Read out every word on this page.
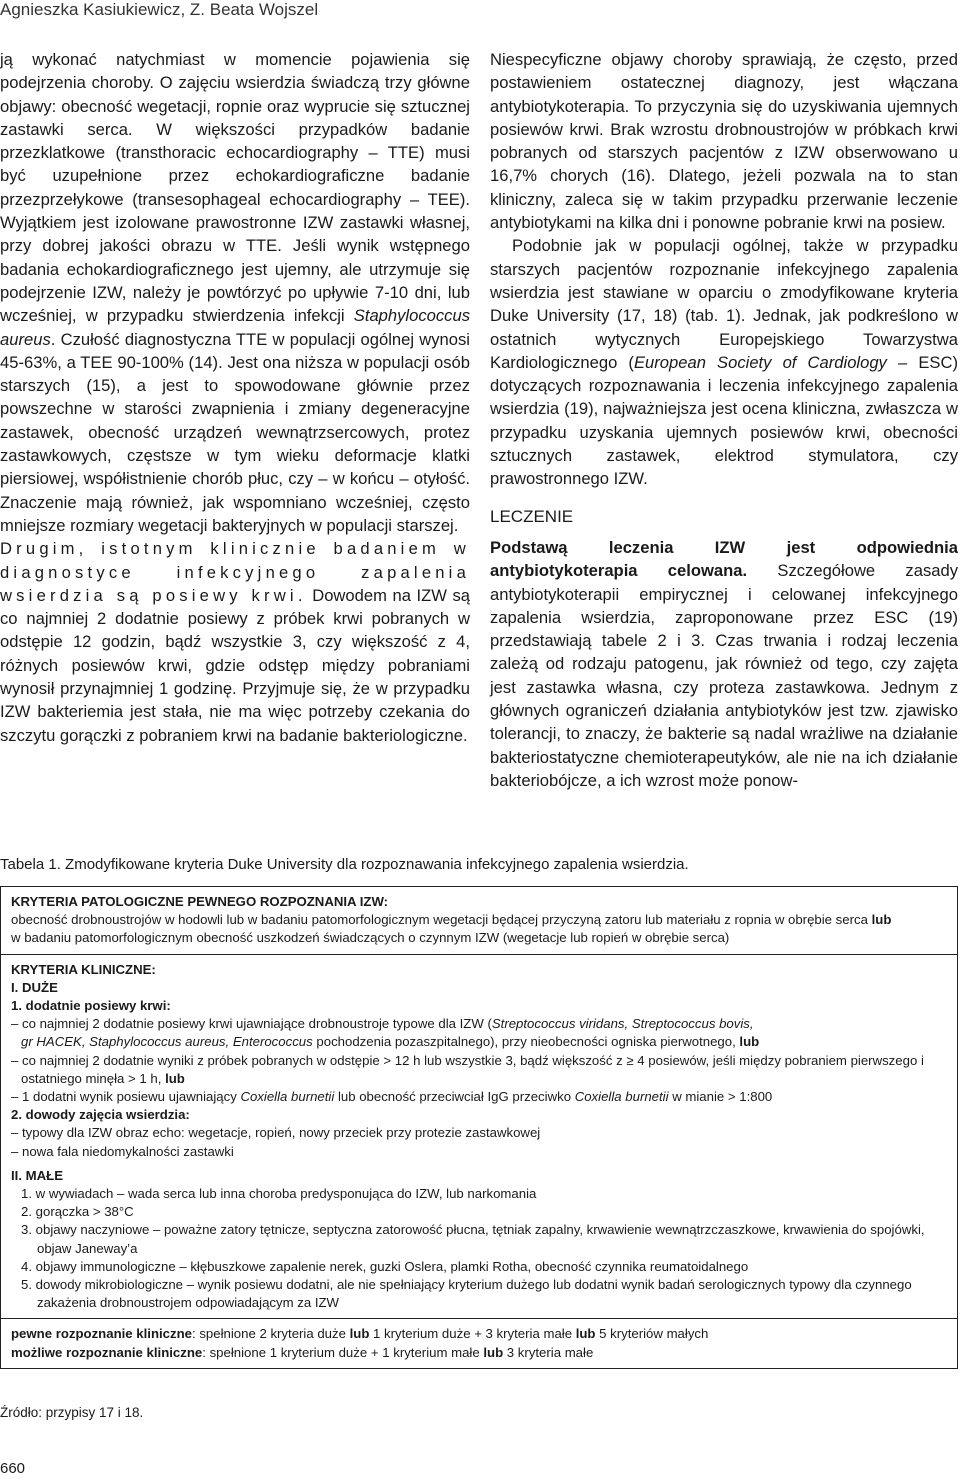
Agnieszka Kasiukiewicz, Z. Beata Wojszel

ją wykonać natychmiast w momencie pojawienia się podejrzenia choroby. O zajęciu wsierdzia świadczą trzy główne objawy: obecność wegetacji, ropnie oraz wyprucie się sztucznej zastawki serca. W większości przypadków badanie przezklatkowe (transthoracic echocardiography – TTE) musi być uzupełnione przez echokardiograficzne badanie przezprzełykowe (transesophageal echocardiography – TEE). Wyjątkiem jest izolowane prawostronne IZW zastawki własnej, przy dobrej jakości obrazu w TTE. Jeśli wynik wstępnego badania echokardiograficznego jest ujemny, ale utrzymuje się podejrzenie IZW, należy je powtórzyć po upływie 7-10 dni, lub wcześniej, w przypadku stwierdzenia infekcji Staphylococcus aureus. Czułość diagnostyczna TTE w populacji ogólnej wynosi 45-63%, a TEE 90-100% (14). Jest ona niższa w populacji osób starszych (15), a jest to spowodowane głównie przez powszechne w starości zwapnienia i zmiany degeneracyjne zastawek, obecność urządzeń wewnątrzsercowych, protez zastawkowych, częstsze w tym wieku deformacje klatki piersiowej, współistnienie chorób płuc, czy – w końcu – otyłość. Znaczenie mają również, jak wspomniano wcześniej, często mniejsze rozmiary wegetacji bakteryjnych w populacji starszej.

Drugim, istotnym klinicznie badaniem w diagnostyce infekcyjnego zapalenia wsierdzia są posiewy krwi. Dowodem na IZW są co najmniej 2 dodatnie posiewy z próbek krwi pobranych w odstępie 12 godzin, bądź wszystkie 3, czy większość z 4, różnych posiewów krwi, gdzie odstęp między pobraniami wynosił przynajmniej 1 godzinę. Przyjmuje się, że w przypadku IZW bakteriemia jest stała, nie ma więc potrzeby czekania do szczytu gorączki z pobraniem krwi na badanie bakteriologiczne.

Niespecyficzne objawy choroby sprawiają, że często, przed postawieniem ostatecznej diagnozy, jest włączana antybiotykoterapia. To przyczynia się do uzyskiwania ujemnych posiewów krwi. Brak wzrostu drobnoustrojów w próbkach krwi pobranych od starszych pacjentów z IZW obserwowano u 16,7% chorych (16). Dlatego, jeżeli pozwala na to stan kliniczny, zaleca się w takim przypadku przerwanie leczenie antybiotykami na kilka dni i ponowne pobranie krwi na posiew.

Podobnie jak w populacji ogólnej, także w przypadku starszych pacjentów rozpoznanie infekcyjnego zapalenia wsierdzia jest stawiane w oparciu o zmodyfikowane kryteria Duke University (17, 18) (tab. 1). Jednak, jak podkreślono w ostatnich wytycznych Europejskiego Towarzystwa Kardiologicznego (European Society of Cardiology – ESC) dotyczących rozpoznawania i leczenia infekcyjnego zapalenia wsierdzia (19), najważniejsza jest ocena kliniczna, zwłaszcza w przypadku uzyskania ujemnych posiewów krwi, obecności sztucznych zastawek, elektrod stymulatora, czy prawostronnego IZW.

LECZENIE

Podstawą leczenia IZW jest odpowiednia antybiotykoterapia celowana. Szczegółowe zasady antybiotykoterapii empirycznej i celowanej infekcyjnego zapalenia wsierdzia, zaproponowane przez ESC (19) przedstawiają tabele 2 i 3. Czas trwania i rodzaj leczenia zależą od rodzaju patogenu, jak również od tego, czy zajęta jest zastawka własna, czy proteza zastawkowa. Jednym z głównych ograniczeń działania antybiotyków jest tzw. zjawisko tolerancji, to znaczy, że bakterie są nadal wrażliwe na działanie bakteriostatyczne chemioterapeutyków, ale nie na ich działanie bakteriobójcze, a ich wzrost może ponow-

Tabela 1. Zmodyfikowane kryteria Duke University dla rozpoznawania infekcyjnego zapalenia wsierdzia.

KRYTERIA PATOLOGICZNE PEWNEGO ROZPOZNANIA IZW:

obecność drobnoustrojów w hodowli lub w badaniu patomorfologicznym wegetacji będącej przyczyną zatoru lub materiału z ropnia w obrębie serca lub

w badaniu patomorfologicznym obecność uszkodzeń świadczących o czynnym IZW (wegetacje lub ropień w obrębie serca)

KRYTERIA KLINICZNE:

I. DUŻE

1. dodatnie posiewy krwi:

– co najmniej 2 dodatnie posiewy krwi ujawniające drobnoustroje typowe dla IZW (Streptococcus viridans, Streptococcus bovis,
gr HACEK, Staphylococcus aureus, Enterococcus pochodzenia pozaszpitalnego), przy nieobecności ogniska pierwotnego, lub

– co najmniej 2 dodatnie wyniki z próbek pobranych w odstępie > 12 h lub wszystkie 3, bądź większość z ≥ 4 posiewów, jeśli między pobraniem pierwszego i ostatniego minęła > 1 h, lub

– 1 dodatni wynik posiewu ujawniający Coxiella burnetii lub obecność przeciwciał IgG przeciwko Coxiella burnetii w mianie > 1:800

2. dowody zajęcia wsierdzia:

– typowy dla IZW obraz echo: wegetacje, ropień, nowy przeciek przy protezie zastawkowej

– nowa fala niedomykalności zastawki

II. MAŁE

1. w wywiadach – wada serca lub inna choroba predysponująca do IZW, lub narkomania

2. gorączka > 38°C

3. objawy naczyniowe – poważne zatory tętnicze, septyczna zatorowość płucna, tętniak zapalny, krwawienie wewnątrzczaszkowe, krwawienia do spojówki, objaw Janeway’a

4. objawy immunologiczne – kłębuszkowe zapalenie nerek, guzki Oslera, plamki Rotha, obecność czynnika reumatoidalnego

5. dowody mikrobiologiczne – wynik posiewu dodatni, ale nie spełniający kryterium dużego lub dodatni wynik badań serologicznych typowy dla czynnego zakażenia drobnoustrojem odpowiadającym za IZW

pewne rozpoznanie kliniczne: spełnione 2 kryteria duże lub 1 kryterium duże + 3 kryteria małe lub 5 kryteriów małych

możliwe rozpoznanie kliniczne: spełnione 1 kryterium duże + 1 kryterium małe lub 3 kryteria małe

Źródło: przypisy 17 i 18.
660
